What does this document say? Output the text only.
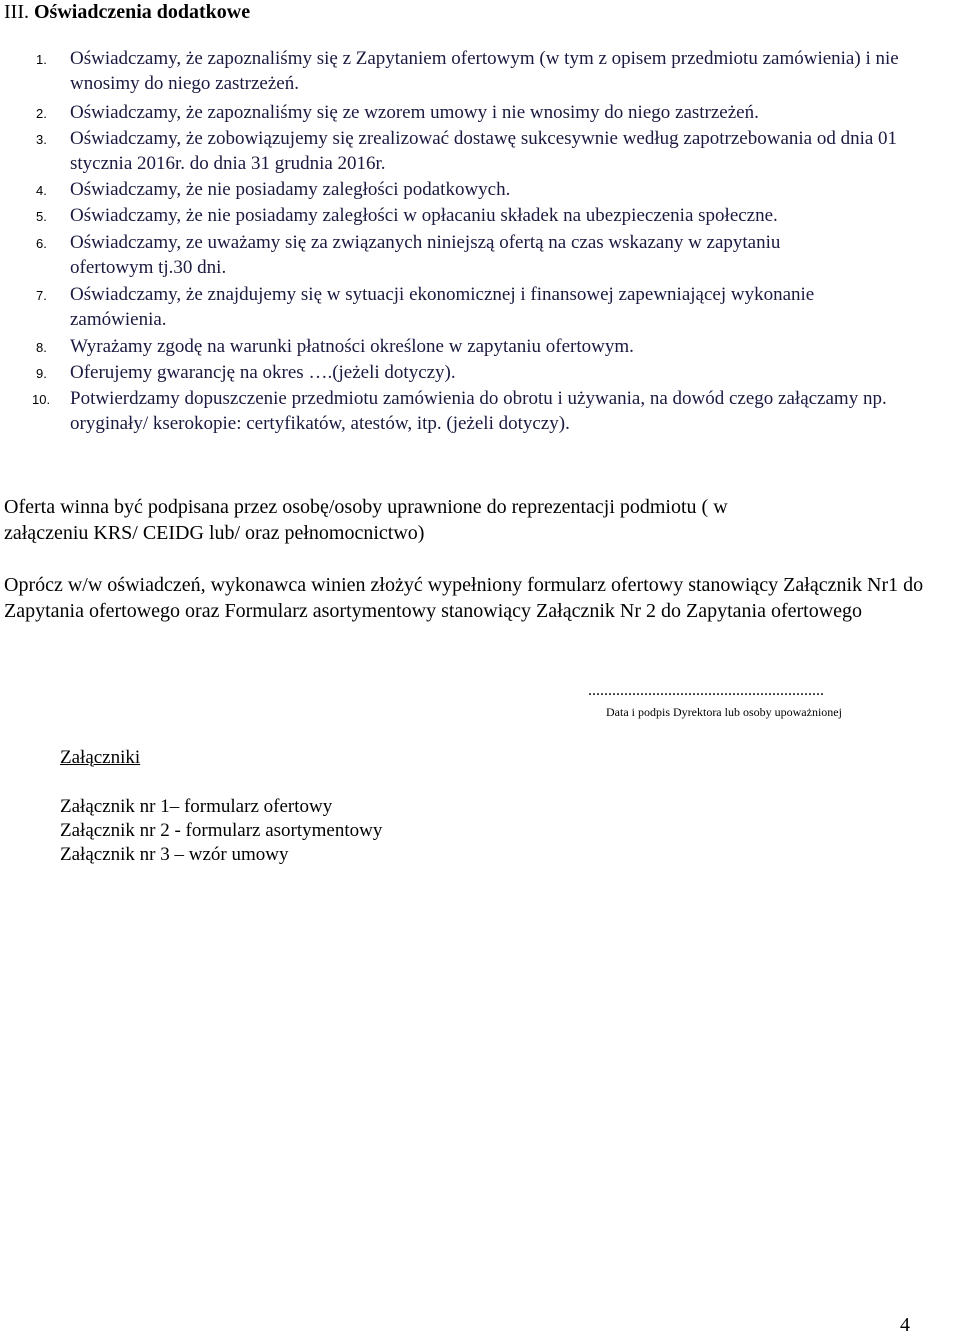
III. Oświadczenia dodatkowe
1. Oświadczamy, że zapoznaliśmy się z Zapytaniem ofertowym (w tym z opisem przedmiotu zamówienia) i nie wnosimy do niego zastrzeżeń.
2. Oświadczamy, że zapoznaliśmy się ze wzorem umowy i nie wnosimy do niego zastrzeżeń.
3. Oświadczamy, że zobowiązujemy się zrealizować dostawę sukcesywnie według zapotrzebowania od dnia 01 stycznia 2016r. do dnia 31 grudnia 2016r.
4. Oświadczamy, że nie posiadamy zaległości podatkowych.
5. Oświadczamy, że nie posiadamy zaległości w opłacaniu składek na ubezpieczenia społeczne.
6. Oświadczamy, ze uważamy się za związanych niniejszą ofertą na czas wskazany w zapytaniu ofertowym tj.30 dni.
7. Oświadczamy, że znajdujemy się w sytuacji ekonomicznej i finansowej zapewniającej wykonanie zamówienia.
8. Wyrażamy zgodę na warunki płatności określone w zapytaniu ofertowym.
9. Oferujemy gwarancję na okres ….(jeżeli dotyczy).
10. Potwierdzamy dopuszczenie przedmiotu zamówienia do obrotu i używania, na dowód czego załączamy np. oryginały/ kserokopie: certyfikatów, atestów, itp. (jeżeli dotyczy).
Oferta winna być podpisana przez osobę/osoby uprawnione do reprezentacji podmiotu ( w załączeniu KRS/ CEIDG lub/ oraz pełnomocnictwo)
Oprócz w/w oświadczeń, wykonawca winien złożyć wypełniony formularz ofertowy stanowiący Załącznik Nr1 do Zapytania ofertowego oraz Formularz asortymentowy stanowiący Załącznik Nr 2 do Zapytania ofertowego
...........................................................
Data i podpis Dyrektora lub osoby upoważnionej
Załączniki
Załącznik nr 1– formularz ofertowy
Załącznik nr 2 - formularz asortymentowy
Załącznik nr 3 – wzór umowy
4
